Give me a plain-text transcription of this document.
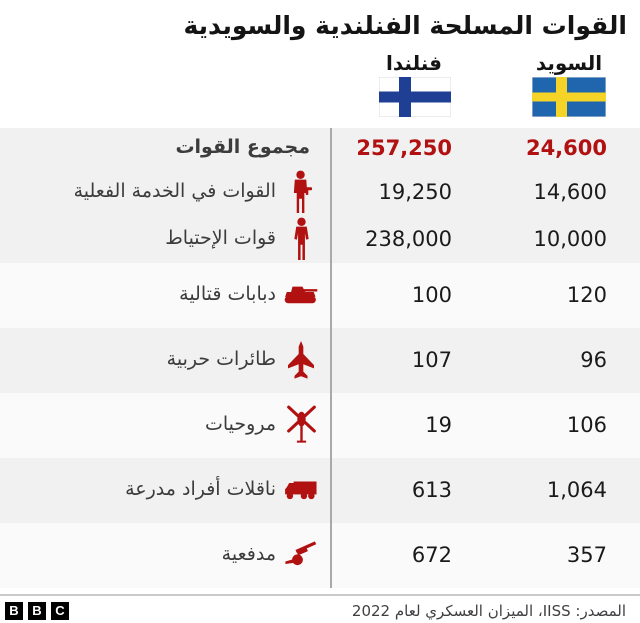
القوات المسلحة الفنلندية والسويدية
فنلندا	السويد
مجموع القوات	257,250	24,600
القوات في الخدمة الفعلية	19,250	14,600
قوات الإحتياط	238,000	10,000
دبابات قتالية	100	120
طائرات حربية	107	96
مروحيات	19	106
ناقلات أفراد مدرعة	613	1,064
مدفعية	672	357
B	B	C	المصدر: IISS، الميزان العسكري لعام 2022
